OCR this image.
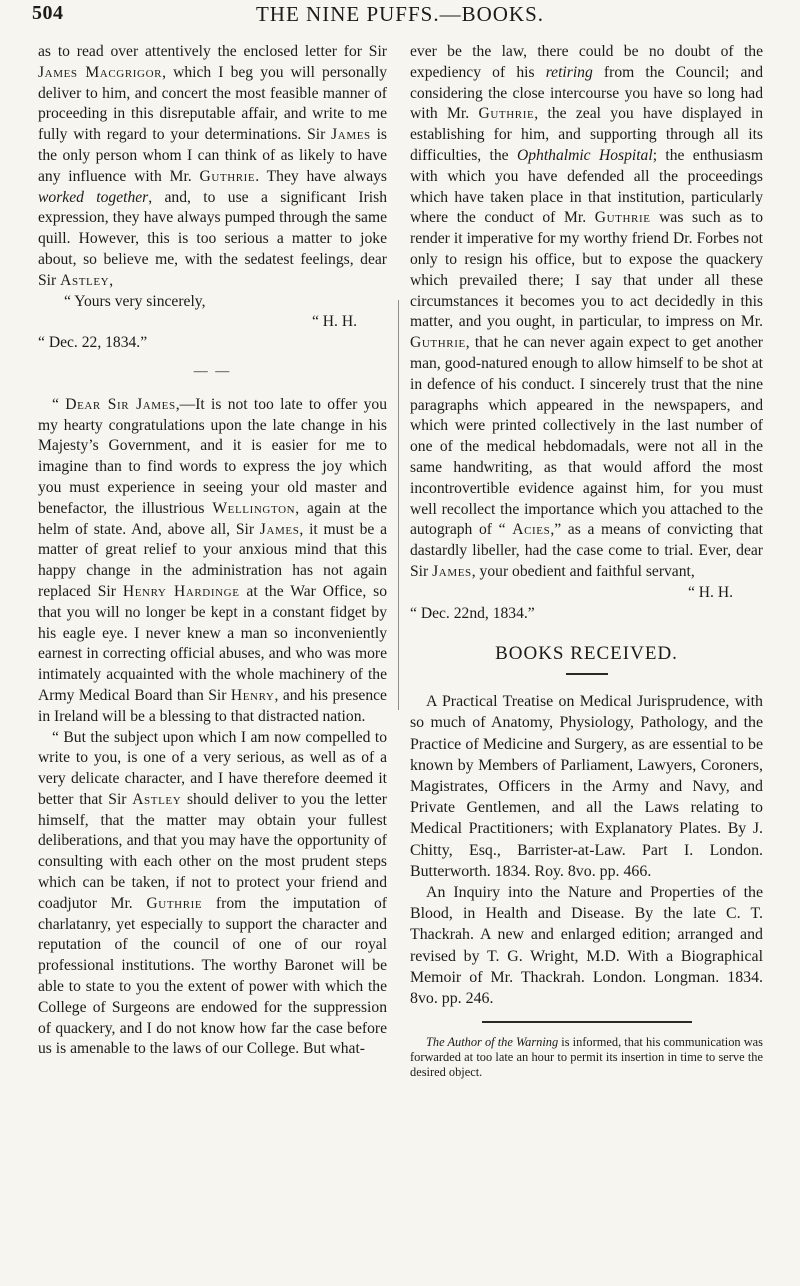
504	THE NINE PUFFS.—BOOKS.

as to read over attentively the enclosed letter for Sir James Macgrigor, which I beg you will personally deliver to him, and concert the most feasible manner of proceeding in this disreputable affair, and write to me fully with regard to your determinations. Sir James is the only person whom I can think of as likely to have any influence with Mr. Guthrie. They have always worked together, and, to use a significant Irish expression, they have always pumped through the same quill. However, this is too serious a matter to joke about, so believe me, with the sedatest feelings, dear Sir Astley,

“ Yours very sincerely,

“ H. H.

“ Dec. 22, 1834.”

— —

“ Dear Sir James,—It is not too late to offer you my hearty congratulations upon the late change in his Majesty’s Government, and it is easier for me to imagine than to find words to express the joy which you must experience in seeing your old master and benefactor, the illustrious Wellington, again at the helm of state. And, above all, Sir James, it must be a matter of great relief to your anxious mind that this happy change in the administration has not again replaced Sir Henry Hardinge at the War Office, so that you will no longer be kept in a constant fidget by his eagle eye. I never knew a man so inconveniently earnest in correcting official abuses, and who was more intimately acquainted with the whole machinery of the Army Medical Board than Sir Henry, and his presence in Ireland will be a blessing to that distracted nation.

“ But the subject upon which I am now compelled to write to you, is one of a very serious, as well as of a very delicate character, and I have therefore deemed it better that Sir Astley should deliver to you the letter himself, that the matter may obtain your fullest deliberations, and that you may have the opportunity of consulting with each other on the most prudent steps which can be taken, if not to protect your friend and coadjutor Mr. Guthrie from the imputation of charlatanry, yet especially to support the character and reputation of the council of one of our royal professional institutions. The worthy Baronet will be able to state to you the extent of power with which the College of Surgeons are endowed for the suppression of quackery, and I do not know how far the case before us is amenable to the laws of our College. But what-

ever be the law, there could be no doubt of the expediency of his retiring from the Council; and considering the close intercourse you have so long had with Mr. Guthrie, the zeal you have displayed in establishing for him, and supporting through all its difficulties, the Ophthalmic Hospital; the enthusiasm with which you have defended all the proceedings which have taken place in that institution, particularly where the conduct of Mr. Guthrie was such as to render it imperative for my worthy friend Dr. Forbes not only to resign his office, but to expose the quackery which prevailed there; I say that under all these circumstances it becomes you to act decidedly in this matter, and you ought, in particular, to impress on Mr. Guthrie, that he can never again expect to get another man, good-natured enough to allow himself to be shot at in defence of his conduct. I sincerely trust that the nine paragraphs which appeared in the newspapers, and which were printed collectively in the last number of one of the medical hebdomadals, were not all in the same handwriting, as that would afford the most incontrovertible evidence against him, for you must well recollect the importance which you attached to the autograph of “ Acies,” as a means of convicting that dastardly libeller, had the case come to trial. Ever, dear Sir James, your obedient and faithful servant,

“ H. H.

“ Dec. 22nd, 1834.”

BOOKS RECEIVED.

A Practical Treatise on Medical Jurisprudence, with so much of Anatomy, Physiology, Pathology, and the Practice of Medicine and Surgery, as are essential to be known by Members of Parliament, Lawyers, Coroners, Magistrates, Officers in the Army and Navy, and Private Gentlemen, and all the Laws relating to Medical Practitioners; with Explanatory Plates. By J. Chitty, Esq., Barrister-at-Law. Part I. London. Butterworth. 1834. Roy. 8vo. pp. 466.

An Inquiry into the Nature and Properties of the Blood, in Health and Disease. By the late C. T. Thackrah. A new and enlarged edition; arranged and revised by T. G. Wright, M.D. With a Biographical Memoir of Mr. Thackrah. London. Longman. 1834. 8vo. pp. 246.

The Author of the Warning is informed, that his communication was forwarded at too late an hour to permit its insertion in time to serve the desired object.
